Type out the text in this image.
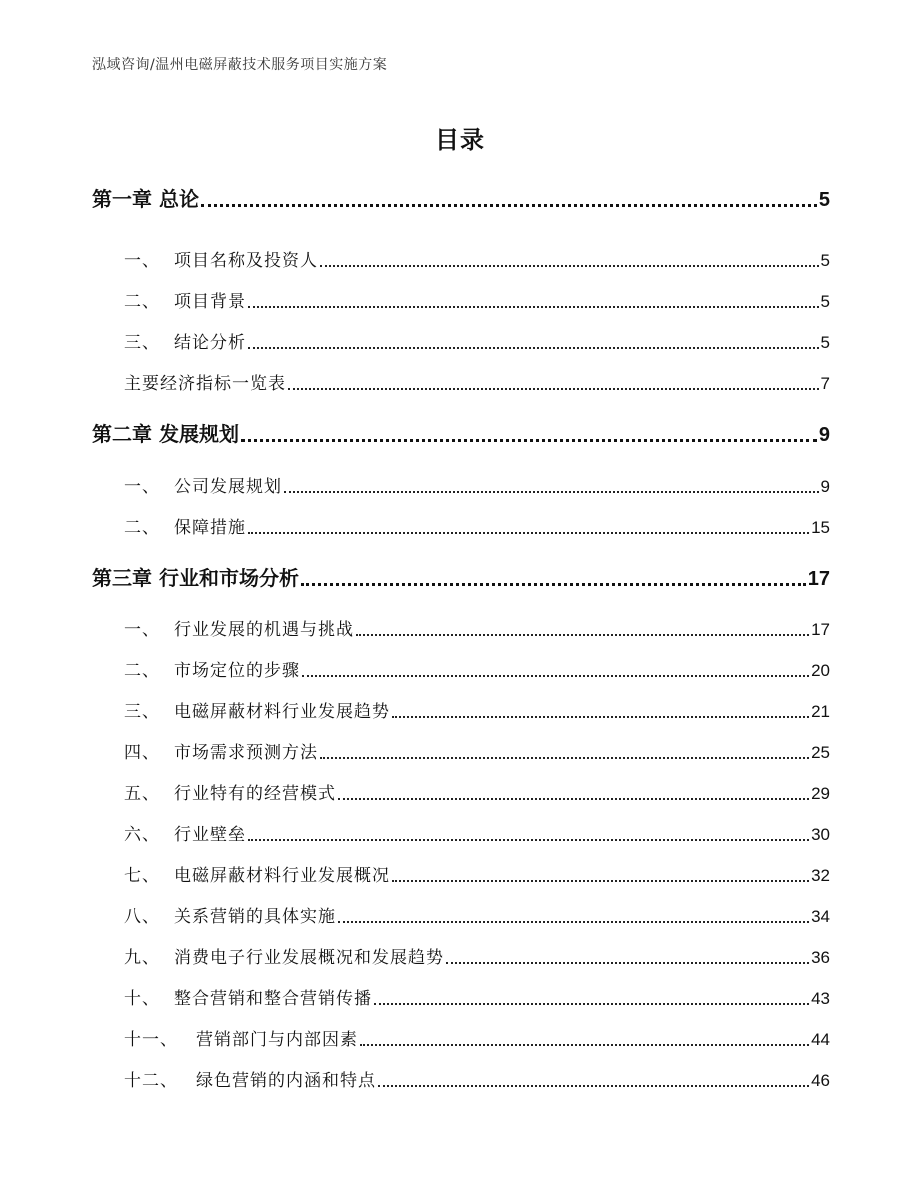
泓域咨询/温州电磁屏蔽技术服务项目实施方案
目录
第一章 总论	5
一、 项目名称及投资人	5
二、 项目背景	5
三、 结论分析	5
主要经济指标一览表	7
第二章 发展规划	9
一、 公司发展规划	9
二、 保障措施	15
第三章 行业和市场分析	17
一、 行业发展的机遇与挑战	17
二、 市场定位的步骤	20
三、 电磁屏蔽材料行业发展趋势	21
四、 市场需求预测方法	25
五、 行业特有的经营模式	29
六、 行业壁垒	30
七、 电磁屏蔽材料行业发展概况	32
八、 关系营销的具体实施	34
九、 消费电子行业发展概况和发展趋势	36
十、 整合营销和整合营销传播	43
十一、 营销部门与内部因素	44
十二、 绿色营销的内涵和特点	46
